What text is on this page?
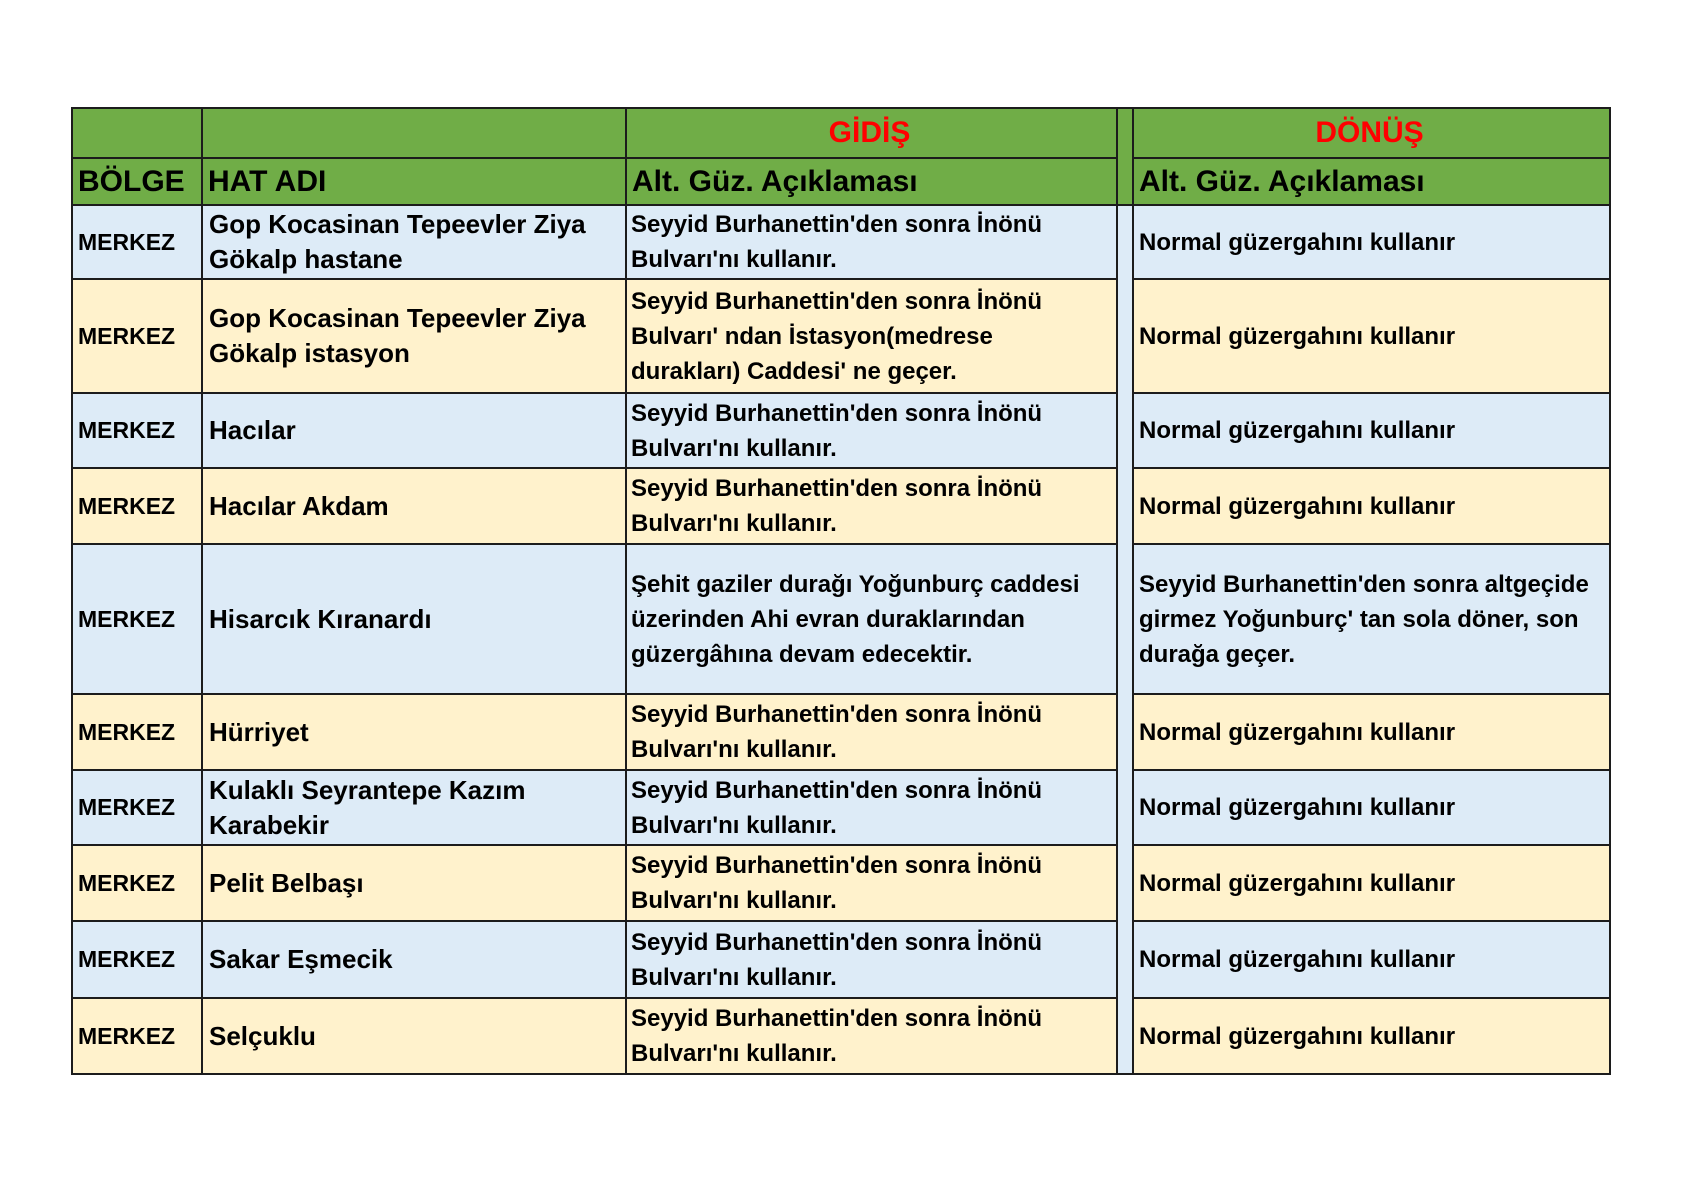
		GİDİŞ		DÖNÜŞ
BÖLGE	HAT ADI	Alt. Güz. Açıklaması		Alt. Güz. Açıklaması
MERKEZ	Gop Kocasinan Tepeevler Ziya
Gökalp hastane	Seyyid Burhanettin'den sonra İnönü
Bulvarı'nı kullanır.		Normal güzergahını kullanır
MERKEZ	Gop Kocasinan Tepeevler Ziya
Gökalp istasyon	Seyyid Burhanettin'den sonra İnönü
Bulvarı' ndan İstasyon(medrese
durakları) Caddesi' ne geçer.		Normal güzergahını kullanır
MERKEZ	Hacılar	Seyyid Burhanettin'den sonra İnönü
Bulvarı'nı kullanır.		Normal güzergahını kullanır
MERKEZ	Hacılar Akdam	Seyyid Burhanettin'den sonra İnönü
Bulvarı'nı kullanır.		Normal güzergahını kullanır
MERKEZ	Hisarcık Kıranardı	Şehit gaziler durağı Yoğunburç caddesi
üzerinden Ahi evran duraklarından
güzergâhına devam edecektir.		Seyyid Burhanettin'den sonra altgeçide
girmez Yoğunburç' tan sola döner, son
durağa geçer.
MERKEZ	Hürriyet	Seyyid Burhanettin'den sonra İnönü
Bulvarı'nı kullanır.		Normal güzergahını kullanır
MERKEZ	Kulaklı Seyrantepe Kazım
Karabekir	Seyyid Burhanettin'den sonra İnönü
Bulvarı'nı kullanır.		Normal güzergahını kullanır
MERKEZ	Pelit Belbaşı	Seyyid Burhanettin'den sonra İnönü
Bulvarı'nı kullanır.		Normal güzergahını kullanır
MERKEZ	Sakar Eşmecik	Seyyid Burhanettin'den sonra İnönü
Bulvarı'nı kullanır.		Normal güzergahını kullanır
MERKEZ	Selçuklu	Seyyid Burhanettin'den sonra İnönü
Bulvarı'nı kullanır.		Normal güzergahını kullanır
